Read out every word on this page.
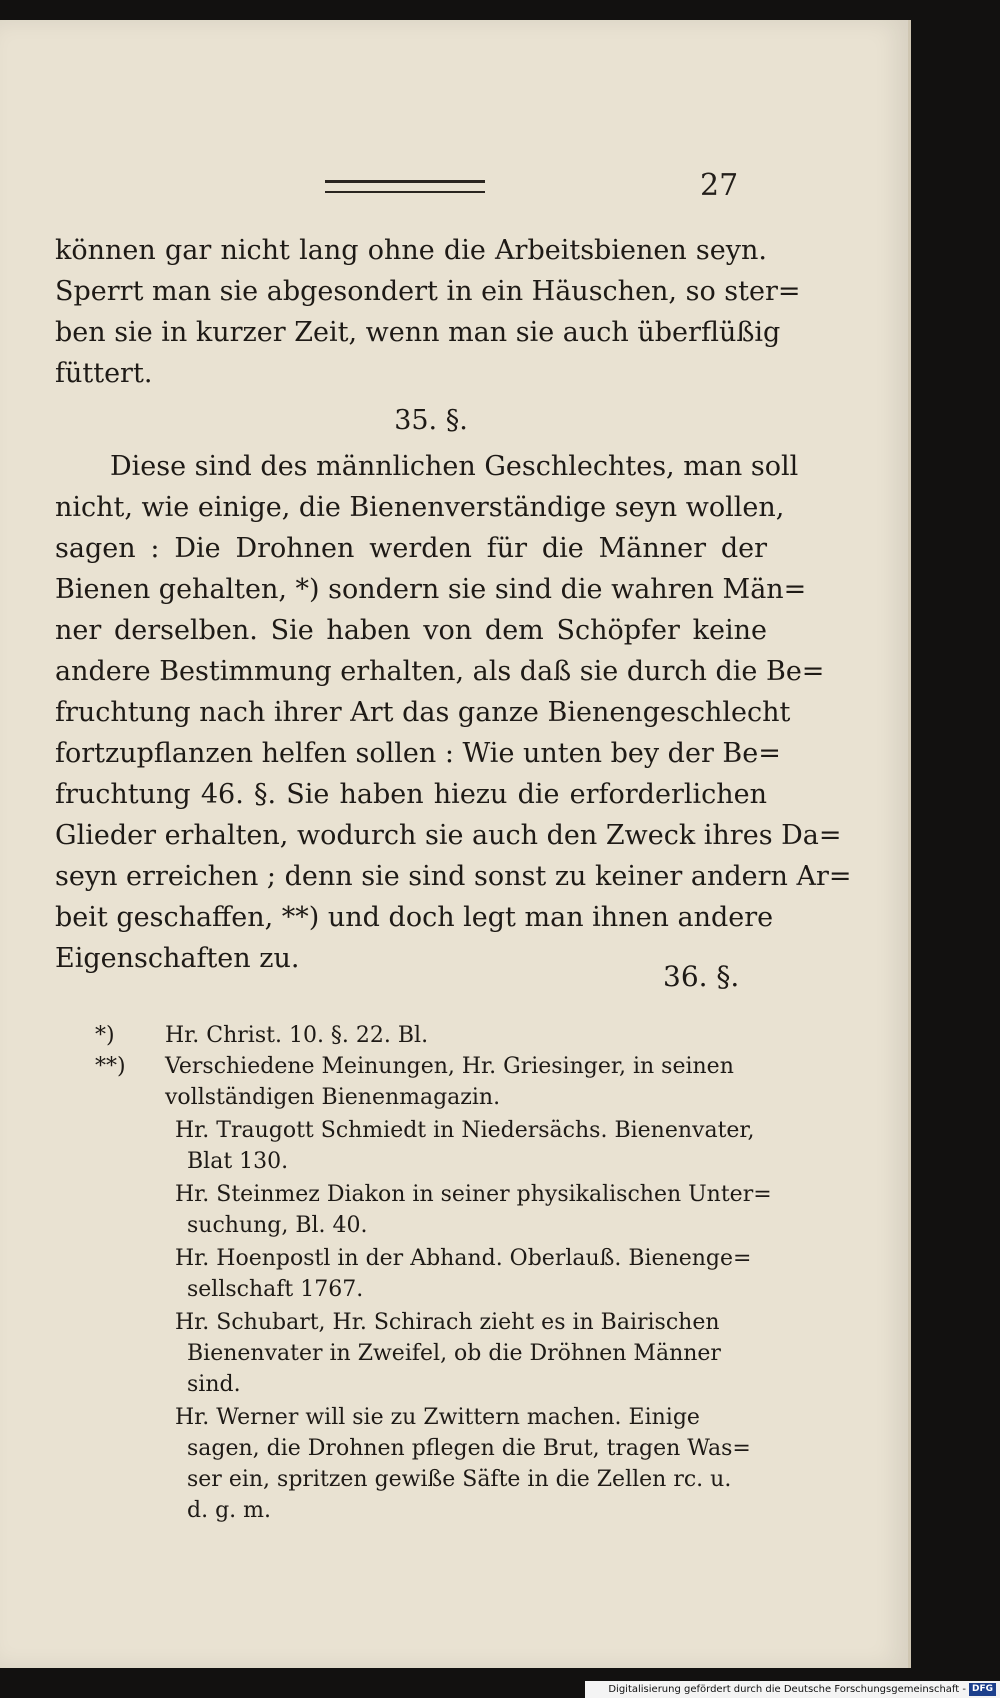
27
können gar nicht lang ohne die Arbeitsbienen seyn.
Sperrt man sie abgesondert in ein Häuschen, so ster=
ben sie in kurzer Zeit, wenn man sie auch überflüßig
füttert.
35. §.
Diese sind des männlichen Geschlechtes, man soll
nicht, wie einige, die Bienenverständige seyn wollen,
sagen : Die Drohnen werden für die Männer der
Bienen gehalten, *) sondern sie sind die wahren Män=
ner derselben. Sie haben von dem Schöpfer keine
andere Bestimmung erhalten, als daß sie durch die Be=
fruchtung nach ihrer Art das ganze Bienengeschlecht
fortzupflanzen helfen sollen : Wie unten bey der Be=
fruchtung 46. §. Sie haben hiezu die erforderlichen
Glieder erhalten, wodurch sie auch den Zweck ihres Da=
seyn erreichen ; denn sie sind sonst zu keiner andern Ar=
beit geschaffen, **) und doch legt man ihnen andere
Eigenschaften zu.
36. §.
*) Hr. Christ. 10. §. 22. Bl.
**) Verschiedene Meinungen, Hr. Griesinger, in seinen
vollständigen Bienenmagazin.
Hr. Traugott Schmiedt in Niedersächs. Bienenvater,
Blat 130.
Hr. Steinmez Diakon in seiner physikalischen Unter=
suchung, Bl. 40.
Hr. Hoenpostl in der Abhand. Oberlauß. Bienenge=
sellschaft 1767.
Hr. Schubart, Hr. Schirach zieht es in Bairischen
Bienenvater in Zweifel, ob die Dröhnen Männer
sind.
Hr. Werner will sie zu Zwittern machen. Einige
sagen, die Drohnen pflegen die Brut, tragen Was=
ser ein, spritzen gewiße Säfte in die Zellen rc. u.
d. g. m.
Digitalisierung gefördert durch die Deutsche Forschungsgemeinschaft - DFG
